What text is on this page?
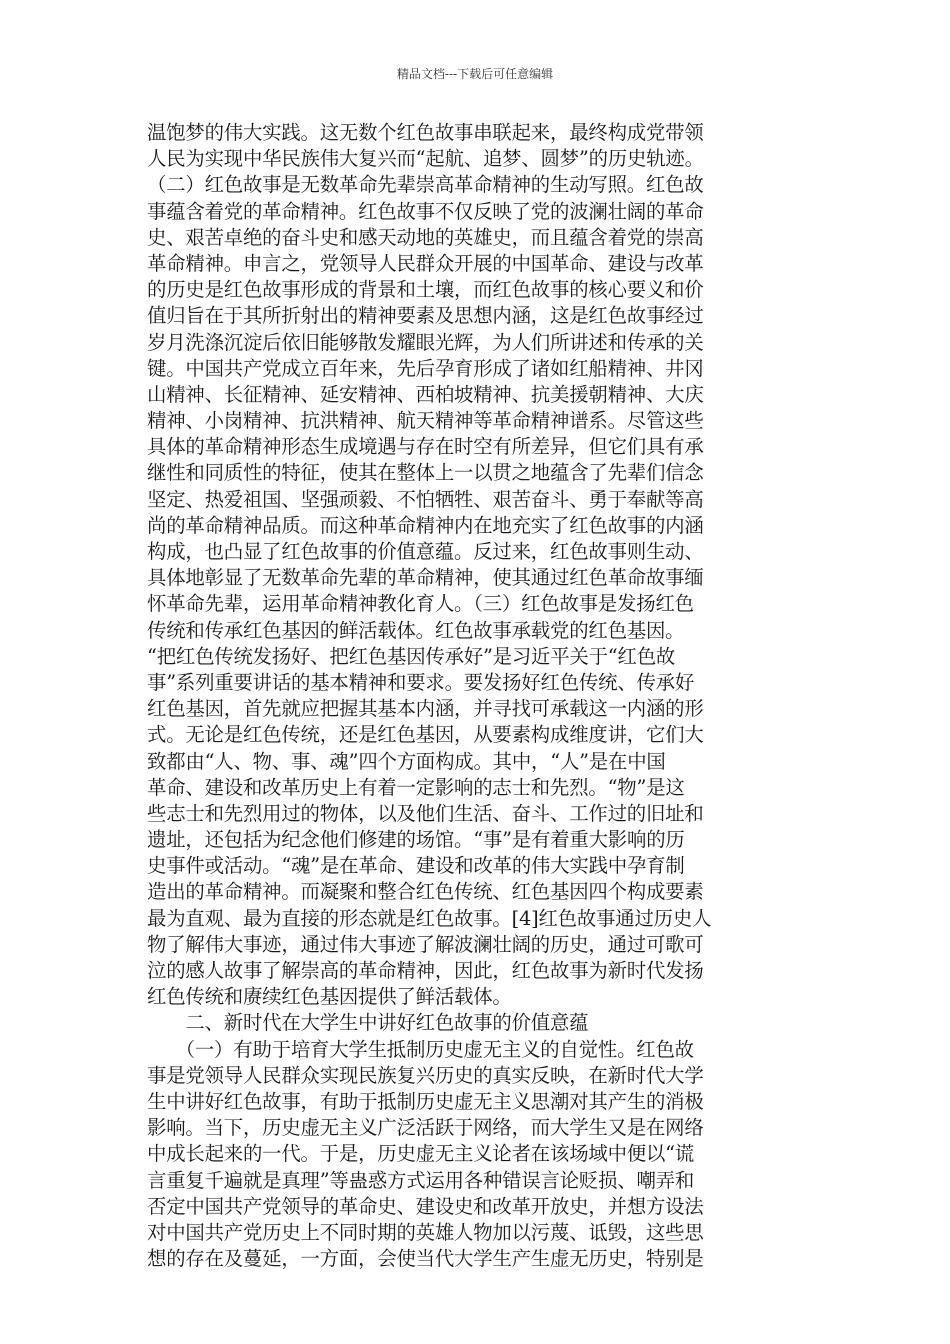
精品文档---下载后可任意编辑
温饱梦的伟大实践。这无数个红色故事串联起来，最终构成党带领
人民为实现中华民族伟大复兴而“起航、追梦、圆梦”的历史轨迹。
（二）红色故事是无数革命先辈崇高革命精神的生动写照。红色故
事蕴含着党的革命精神。红色故事不仅反映了党的波澜壮阔的革命
史、艰苦卓绝的奋斗史和感天动地的英雄史，而且蕴含着党的崇高
革命精神。申言之，党领导人民群众开展的中国革命、建设与改革
的历史是红色故事形成的背景和土壤，而红色故事的核心要义和价
值归旨在于其所折射出的精神要素及思想内涵，这是红色故事经过
岁月洗涤沉淀后依旧能够散发耀眼光辉，为人们所讲述和传承的关
键。中国共产党成立百年来，先后孕育形成了诸如红船精神、井冈
山精神、长征精神、延安精神、西柏坡精神、抗美援朝精神、大庆
精神、小岗精神、抗洪精神、航天精神等革命精神谱系。尽管这些
具体的革命精神形态生成境遇与存在时空有所差异，但它们具有承
继性和同质性的特征，使其在整体上一以贯之地蕴含了先辈们信念
坚定、热爱祖国、坚强顽毅、不怕牺牲、艰苦奋斗、勇于奉献等高
尚的革命精神品质。而这种革命精神内在地充实了红色故事的内涵
构成，也凸显了红色故事的价值意蕴。反过来，红色故事则生动、
具体地彰显了无数革命先辈的革命精神，使其通过红色革命故事缅
怀革命先辈，运用革命精神教化育人。（三）红色故事是发扬红色
传统和传承红色基因的鲜活载体。红色故事承载党的红色基因。
“把红色传统发扬好、把红色基因传承好”是习近平关于“红色故
事”系列重要讲话的基本精神和要求。要发扬好红色传统、传承好
红色基因，首先就应把握其基本内涵，并寻找可承载这一内涵的形
式。无论是红色传统，还是红色基因，从要素构成维度讲，它们大
致都由“人、物、事、魂”四个方面构成。其中，“人”是在中国
革命、建设和改革历史上有着一定影响的志士和先烈。“物”是这
些志士和先烈用过的物体，以及他们生活、奋斗、工作过的旧址和
遗址，还包括为纪念他们修建的场馆。“事”是有着重大影响的历
史事件或活动。“魂”是在革命、建设和改革的伟大实践中孕育制
造出的革命精神。而凝聚和整合红色传统、红色基因四个构成要素
最为直观、最为直接的形态就是红色故事。[4]红色故事通过历史人
物了解伟大事迹，通过伟大事迹了解波澜壮阔的历史，通过可歌可
泣的感人故事了解崇高的革命精神，因此，红色故事为新时代发扬
红色传统和赓续红色基因提供了鲜活载体。
　　二、新时代在大学生中讲好红色故事的价值意蕴
　　（一）有助于培育大学生抵制历史虚无主义的自觉性。红色故
事是党领导人民群众实现民族复兴历史的真实反映，在新时代大学
生中讲好红色故事，有助于抵制历史虚无主义思潮对其产生的消极
影响。当下，历史虚无主义广泛活跃于网络，而大学生又是在网络
中成长起来的一代。于是，历史虚无主义论者在该场域中便以“谎
言重复千遍就是真理”等蛊惑方式运用各种错误言论贬损、嘲弄和
否定中国共产党领导的革命史、建设史和改革开放史，并想方设法
对中国共产党历史上不同时期的英雄人物加以污蔑、诋毁，这些思
想的存在及蔓延，一方面，会使当代大学生产生虚无历史，特别是
